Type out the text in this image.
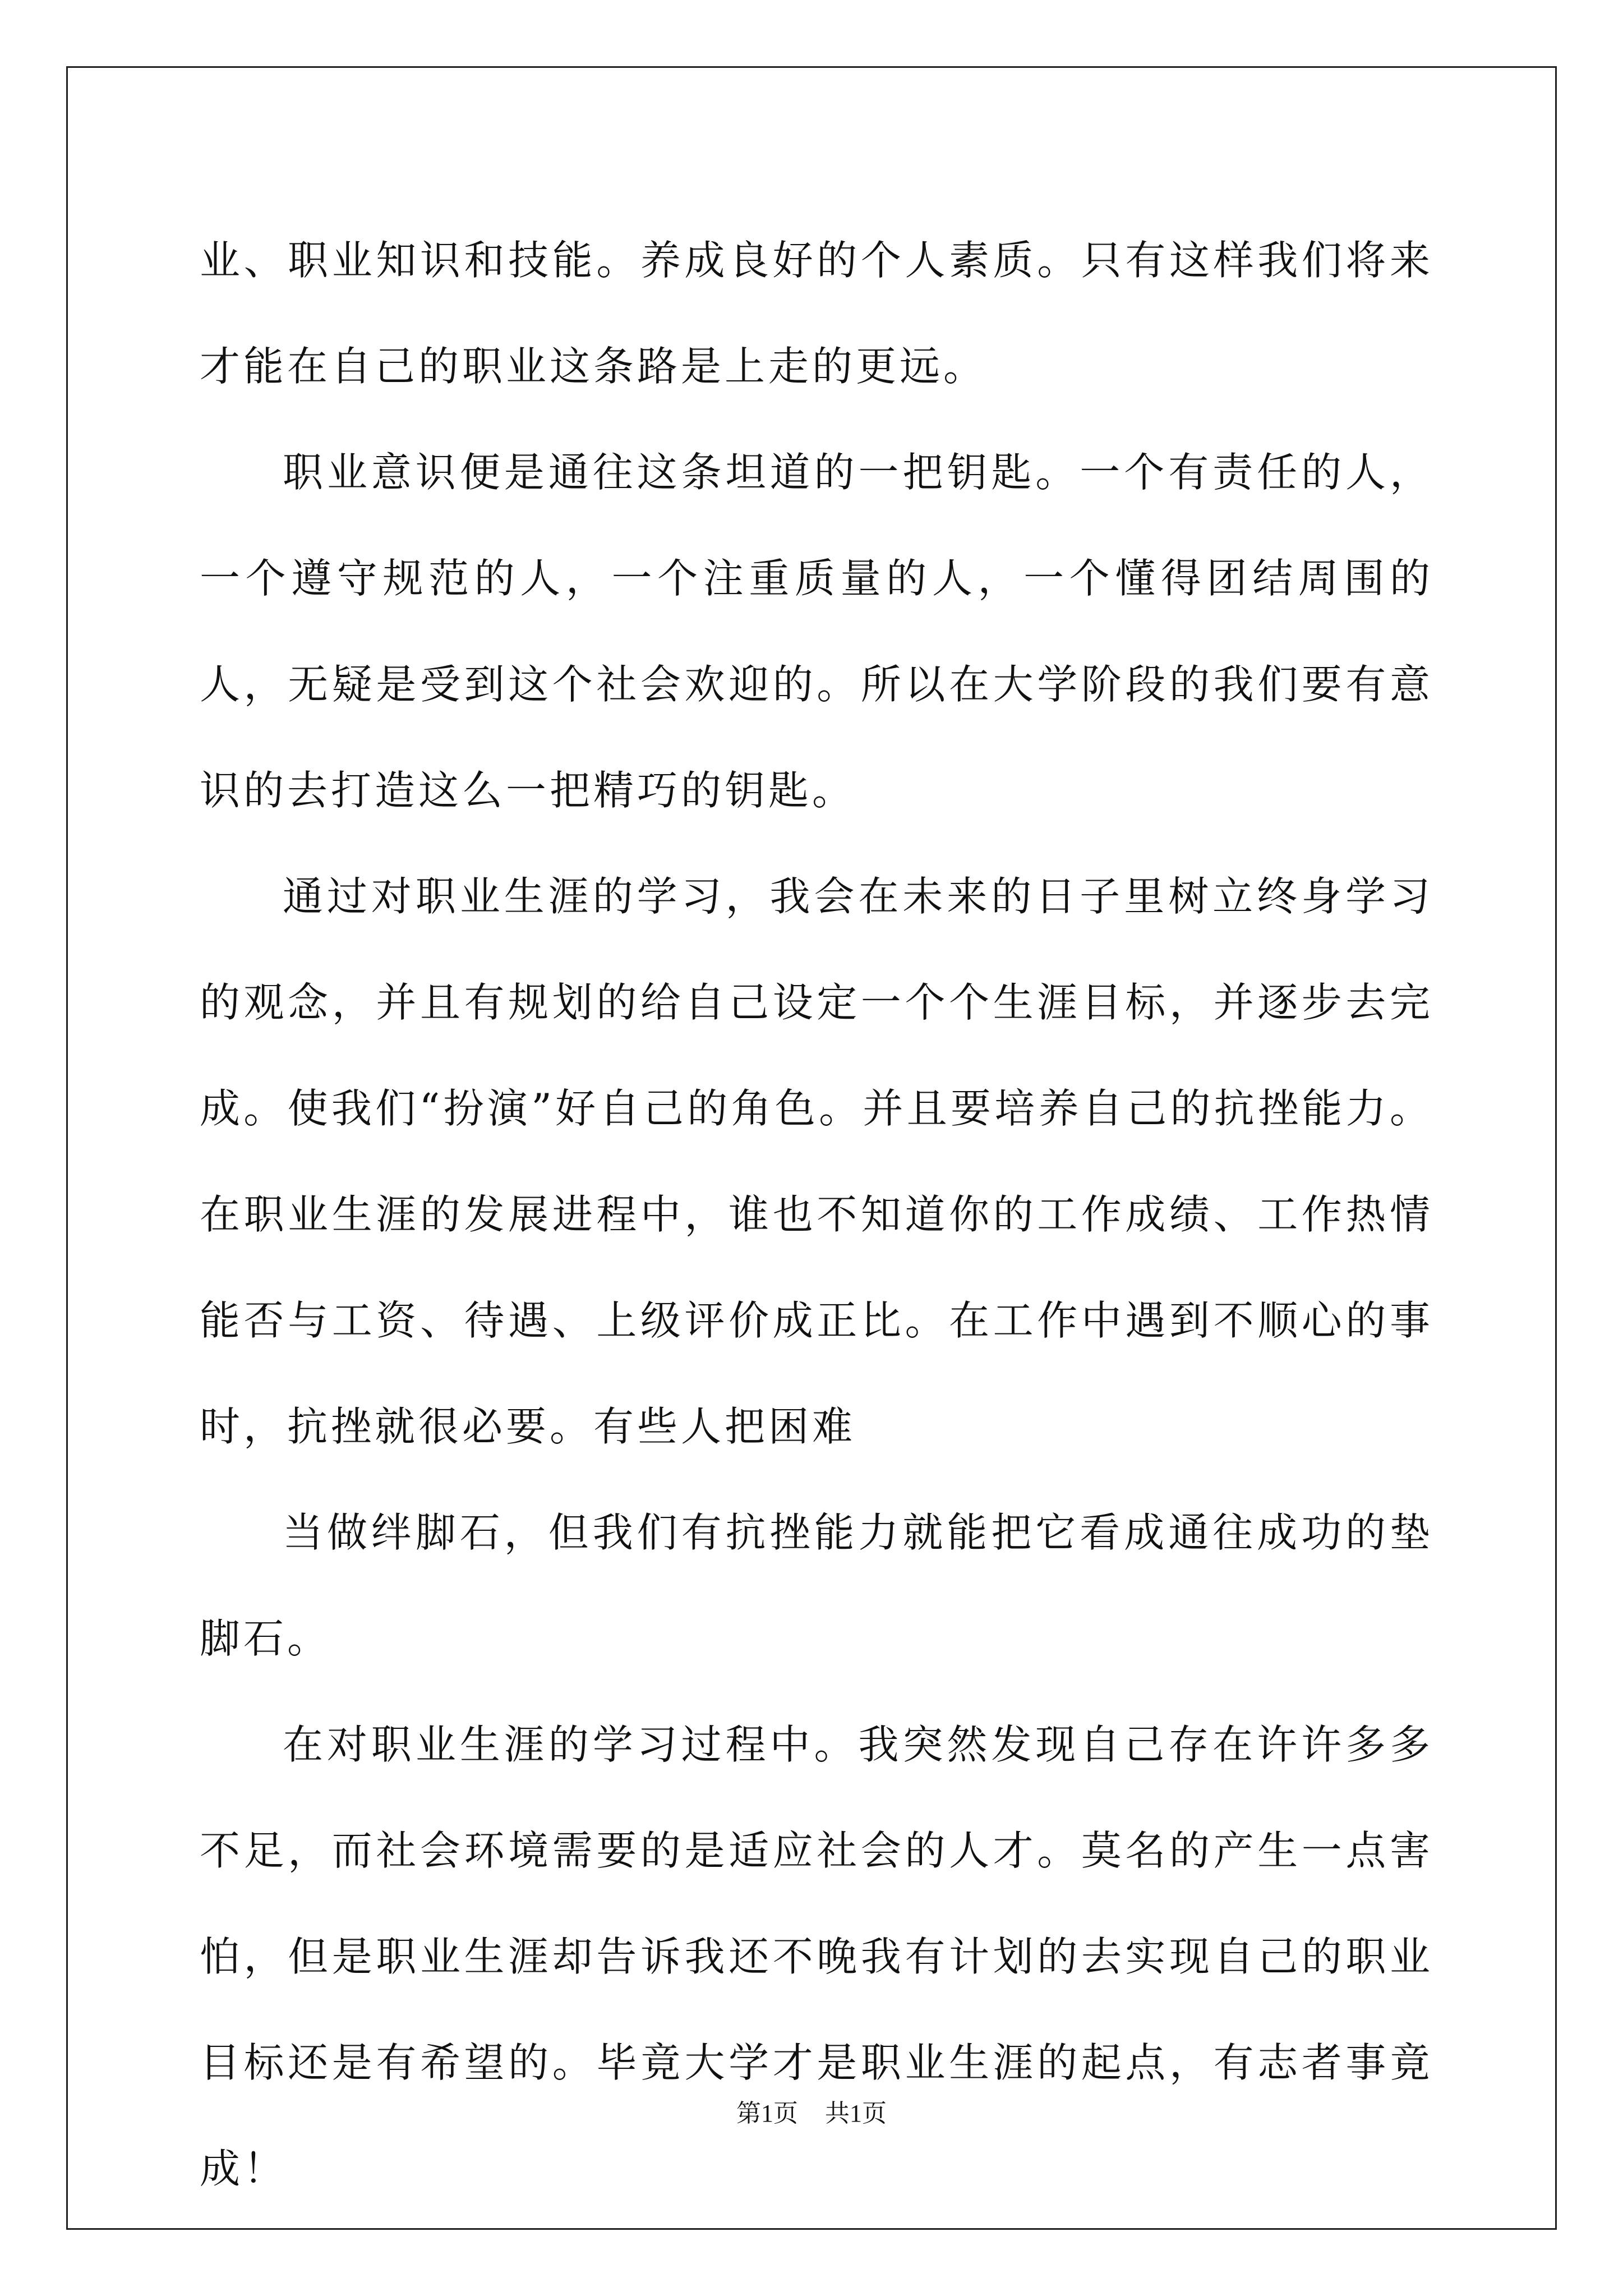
业、职业知识和技能。养成良好的个人素质。只有这样我们将来才能在自己的职业这条路是上走的更远。

职业意识便是通往这条坦道的一把钥匙。一个有责任的人，一个遵守规范的人，一个注重质量的人，一个懂得团结周围的人，无疑是受到这个社会欢迎的。所以在大学阶段的我们要有意识的去打造这么一把精巧的钥匙。

通过对职业生涯的学习，我会在未来的日子里树立终身学习的观念，并且有规划的给自己设定一个个生涯目标，并逐步去完成。使我们“扮演”好自己的角色。并且要培养自己的抗挫能力。在职业生涯的发展进程中，谁也不知道你的工作成绩、工作热情能否与工资、待遇、上级评价成正比。在工作中遇到不顺心的事时，抗挫就很必要。有些人把困难

当做绊脚石，但我们有抗挫能力就能把它看成通往成功的垫脚石。

在对职业生涯的学习过程中。我突然发现自己存在许许多多不足，而社会环境需要的是适应社会的人才。莫名的产生一点害怕，但是职业生涯却告诉我还不晚我有计划的去实现自己的职业目标还是有希望的。毕竟大学才是职业生涯的起点，有志者事竟成！

第1页 共1页
